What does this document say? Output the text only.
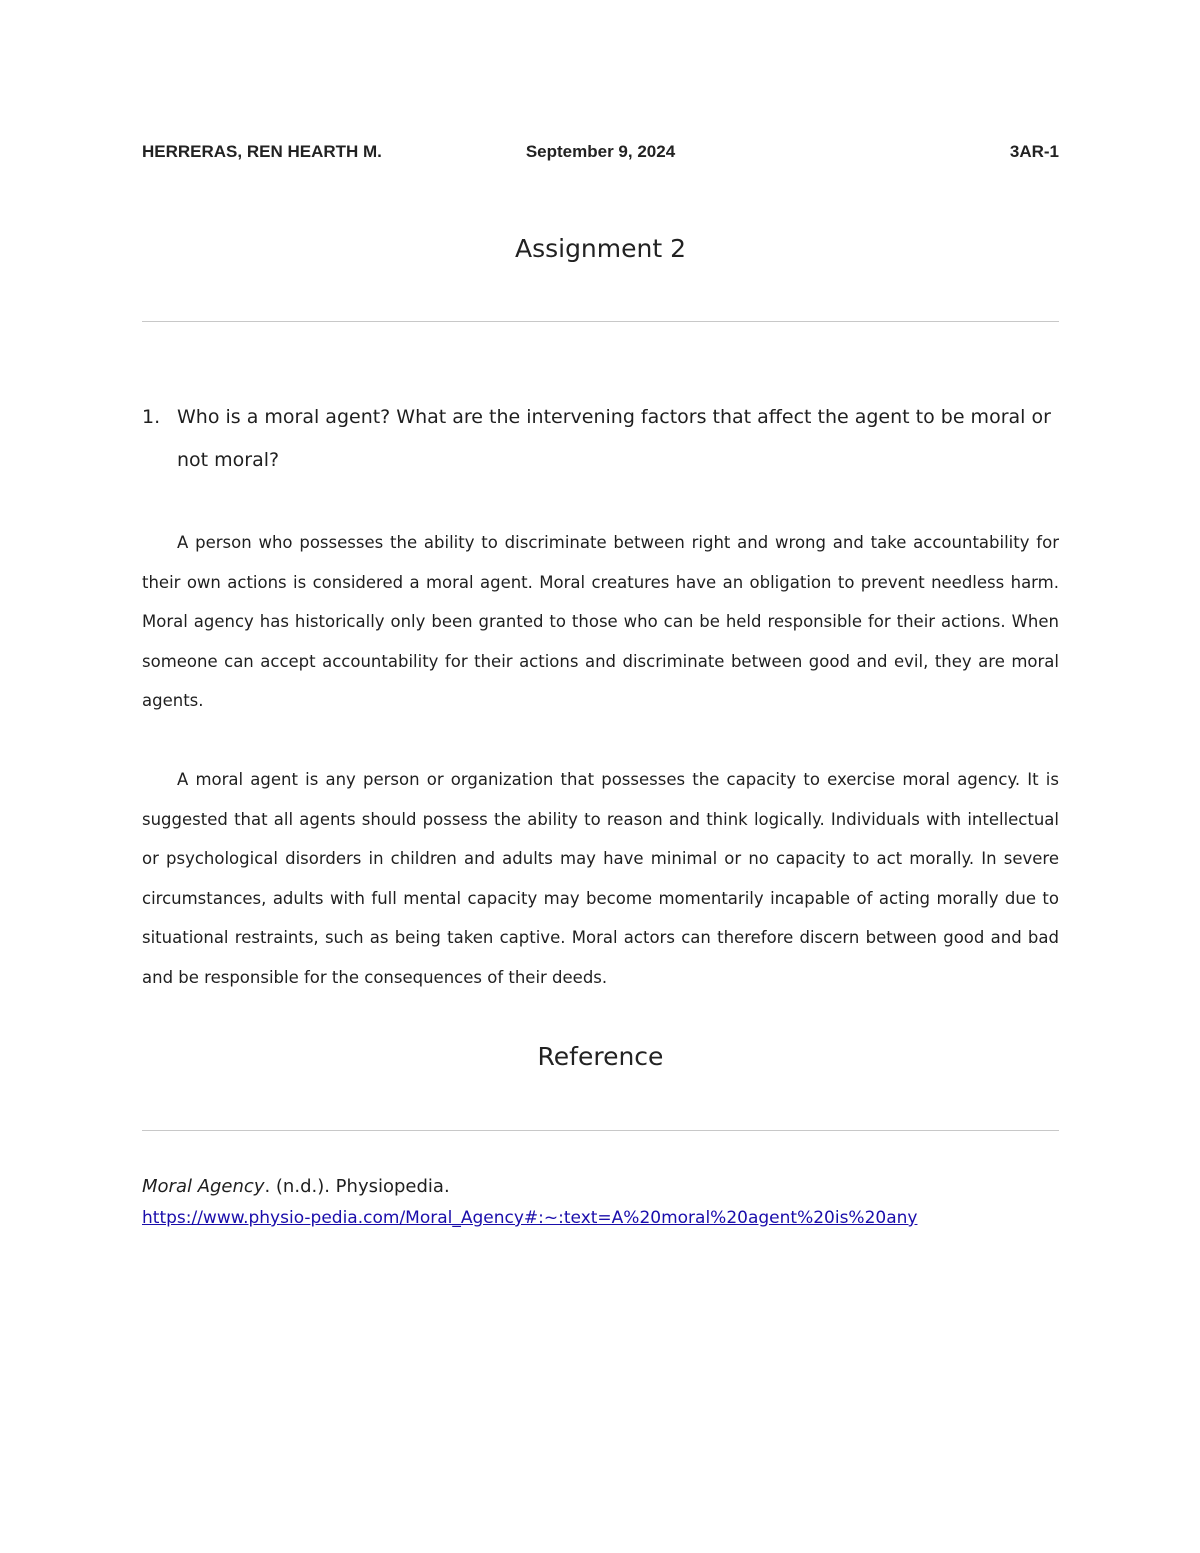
HERRERAS, REN HEARTH M.	September 9, 2024	3AR-1
Assignment 2
1. Who is a moral agent? What are the intervening factors that affect the agent to be moral or not moral?
A person who possesses the ability to discriminate between right and wrong and take accountability for their own actions is considered a moral agent. Moral creatures have an obligation to prevent needless harm. Moral agency has historically only been granted to those who can be held responsible for their actions. When someone can accept accountability for their actions and discriminate between good and evil, they are moral agents.
A moral agent is any person or organization that possesses the capacity to exercise moral agency. It is suggested that all agents should possess the ability to reason and think logically. Individuals with intellectual or psychological disorders in children and adults may have minimal or no capacity to act morally. In severe circumstances, adults with full mental capacity may become momentarily incapable of acting morally due to situational restraints, such as being taken captive. Moral actors can therefore discern between good and bad and be responsible for the consequences of their deeds.
Reference
Moral Agency. (n.d.). Physiopedia.
https://www.physio-pedia.com/Moral_Agency#:~:text=A%20moral%20agent%20is%20any
